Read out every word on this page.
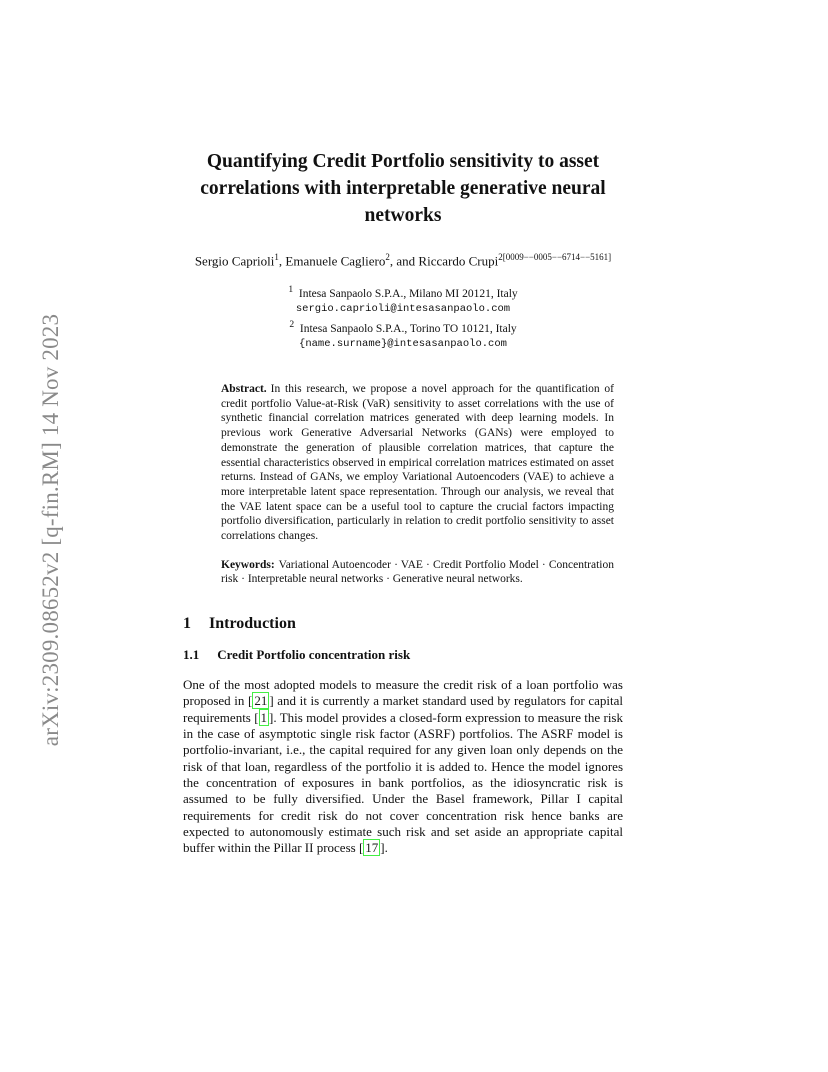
arXiv:2309.08652v2 [q-fin.RM] 14 Nov 2023
Quantifying Credit Portfolio sensitivity to asset correlations with interpretable generative neural networks
Sergio Caprioli$^1$, Emanuele Cagliero$^2$, and Riccardo Crupi$^{2[0009--0005--6714--5161]}$
$^1$ Intesa Sanpaolo S.P.A., Milano MI 20121, Italy
sergio.caprioli@intesasanpaolo.com
$^2$ Intesa Sanpaolo S.P.A., Torino TO 10121, Italy
{name.surname}@intesasanpaolo.com
Abstract. In this research, we propose a novel approach for the quantification of credit portfolio Value-at-Risk (VaR) sensitivity to asset correlations with the use of synthetic financial correlation matrices generated with deep learning models. In previous work Generative Adversarial Networks (GANs) were employed to demonstrate the generation of plausible correlation matrices, that capture the essential characteristics observed in empirical correlation matrices estimated on asset returns. Instead of GANs, we employ Variational Autoencoders (VAE) to achieve a more interpretable latent space representation. Through our analysis, we reveal that the VAE latent space can be a useful tool to capture the crucial factors impacting portfolio diversification, particularly in relation to credit portfolio sensitivity to asset correlations changes.
Keywords: Variational Autoencoder · VAE · Credit Portfolio Model · Concentration risk · Interpretable neural networks · Generative neural networks.
1 Introduction
1.1 Credit Portfolio concentration risk
One of the most adopted models to measure the credit risk of a loan portfolio was proposed in [ 21 ] and it is currently a market standard used by regulators for capital requirements [ 1 ]. This model provides a closed-form expression to measure the risk in the case of asymptotic single risk factor (ASRF) portfolios. The ASRF model is portfolio-invariant, i.e., the capital required for any given loan only depends on the risk of that loan, regardless of the portfolio it is added to. Hence the model ignores the concentration of exposures in bank portfolios, as the idiosyncratic risk is assumed to be fully diversified. Under the Basel framework, Pillar I capital requirements for credit risk do not cover concentration risk hence banks are expected to autonomously estimate such risk and set aside an appropriate capital buffer within the Pillar II process [ 17 ].
